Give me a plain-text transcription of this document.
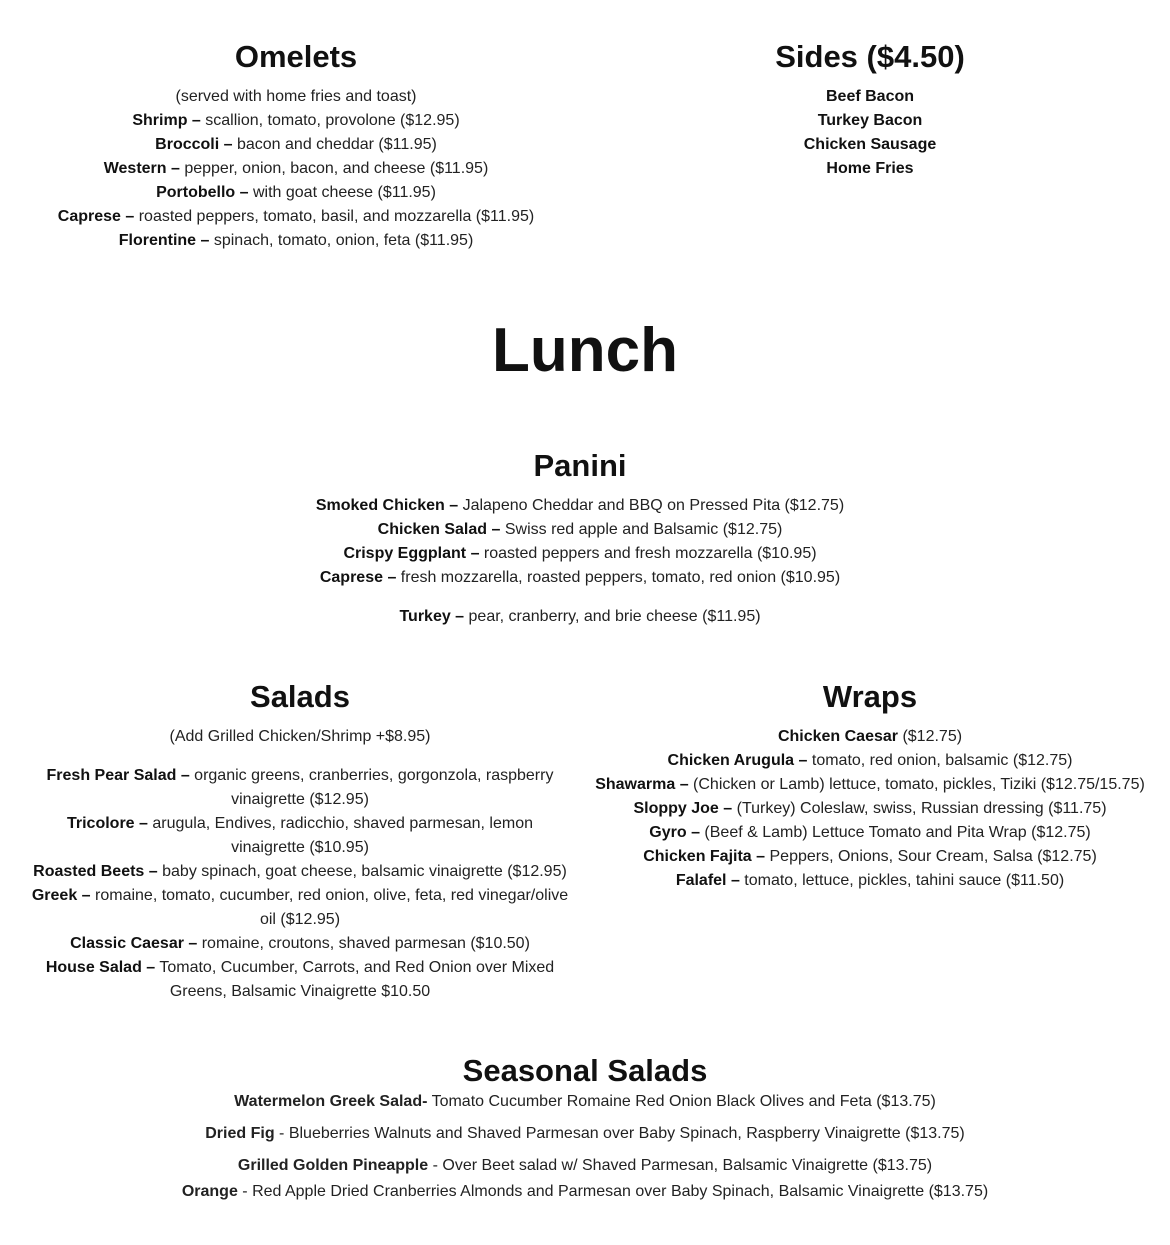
Omelets
(served with home fries and toast)
Shrimp – scallion, tomato, provolone ($12.95)
Broccoli – bacon and cheddar ($11.95)
Western – pepper, onion, bacon, and cheese ($11.95)
Portobello – with goat cheese ($11.95)
Caprese – roasted peppers, tomato, basil, and mozzarella ($11.95)
Florentine – spinach, tomato, onion, feta ($11.95)
Sides ($4.50)
Beef Bacon
Turkey Bacon
Chicken Sausage
Home Fries
Lunch
Panini
Smoked Chicken – Jalapeno Cheddar and BBQ on Pressed Pita ($12.75)
Chicken Salad – Swiss red apple and Balsamic ($12.75)
Crispy Eggplant – roasted peppers and fresh mozzarella ($10.95)
Caprese – fresh mozzarella, roasted peppers, tomato, red onion ($10.95)
Turkey – pear, cranberry, and brie cheese ($11.95)
Salads
(Add Grilled Chicken/Shrimp +$8.95)
Fresh Pear Salad – organic greens, cranberries, gorgonzola, raspberry vinaigrette ($12.95)
Tricolore – arugula, Endives, radicchio, shaved parmesan, lemon vinaigrette ($10.95)
Roasted Beets – baby spinach, goat cheese, balsamic vinaigrette ($12.95)
Greek – romaine, tomato, cucumber, red onion, olive, feta, red vinegar/olive oil ($12.95)
Classic Caesar – romaine, croutons, shaved parmesan ($10.50)
House Salad – Tomato, Cucumber, Carrots, and Red Onion over Mixed Greens, Balsamic Vinaigrette $10.50
Wraps
Chicken Caesar ($12.75)
Chicken Arugula – tomato, red onion, balsamic ($12.75)
Shawarma – (Chicken or Lamb) lettuce, tomato, pickles, Tiziki ($12.75/15.75)
Sloppy Joe – (Turkey) Coleslaw, swiss, Russian dressing ($11.75)
Gyro – (Beef & Lamb) Lettuce Tomato and Pita Wrap ($12.75)
Chicken Fajita – Peppers, Onions, Sour Cream, Salsa ($12.75)
Falafel – tomato, lettuce, pickles, tahini sauce ($11.50)
Seasonal Salads
Watermelon Greek Salad- Tomato Cucumber Romaine Red Onion Black Olives and Feta ($13.75)
Dried Fig - Blueberries Walnuts and Shaved Parmesan over Baby Spinach, Raspberry Vinaigrette ($13.75)
Grilled Golden Pineapple - Over Beet salad w/ Shaved Parmesan, Balsamic Vinaigrette ($13.75)
Orange - Red Apple Dried Cranberries Almonds and Parmesan over Baby Spinach, Balsamic Vinaigrette ($13.75)
